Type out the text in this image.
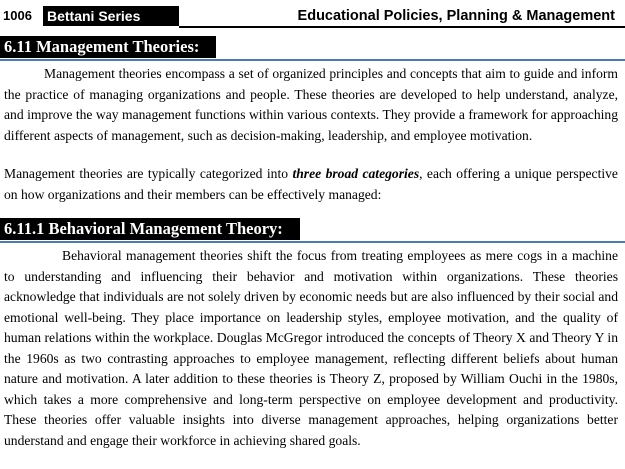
1006	Bettani Series	Educational Policies, Planning & Management
6.11 Management Theories:

Management theories encompass a set of organized principles and concepts that aim to guide and inform the practice of managing organizations and people. These theories are developed to help understand, analyze, and improve the way management functions within various contexts. They provide a framework for approaching different aspects of management, such as decision-making, leadership, and employee motivation.

Management theories are typically categorized into three broad categories, each offering a unique perspective on how organizations and their members can be effectively managed:

6.11.1 Behavioral Management Theory:

Behavioral management theories shift the focus from treating employees as mere cogs in a machine to understanding and influencing their behavior and motivation within organizations. These theories acknowledge that individuals are not solely driven by economic needs but are also influenced by their social and emotional well-being. They place importance on leadership styles, employee motivation, and the quality of human relations within the workplace. Douglas McGregor introduced the concepts of Theory X and Theory Y in the 1960s as two contrasting approaches to employee management, reflecting different beliefs about human nature and motivation. A later addition to these theories is Theory Z, proposed by William Ouchi in the 1980s, which takes a more comprehensive and long-term perspective on employee development and productivity. These theories offer valuable insights into diverse management approaches, helping organizations better understand and engage their workforce in achieving shared goals.
